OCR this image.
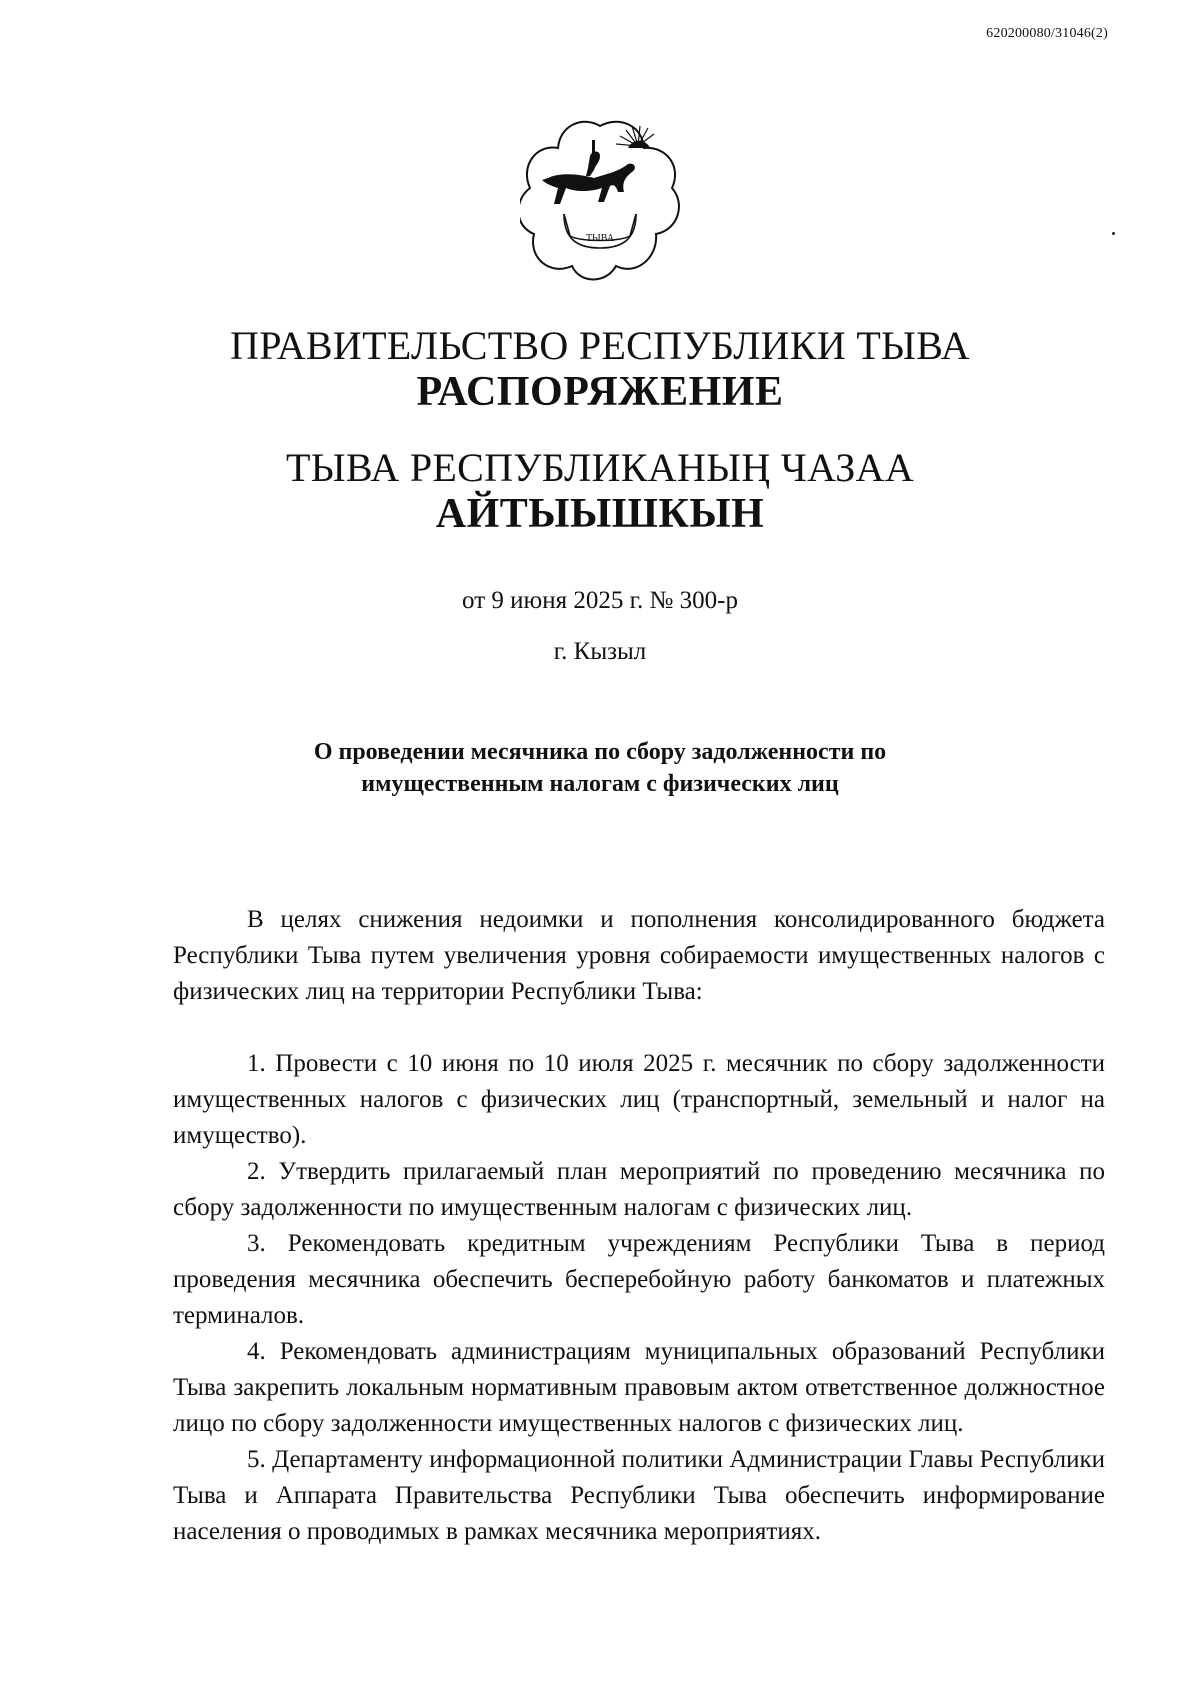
620200080/31046(2)
ТЫВА
ПРАВИТЕЛЬСТВО РЕСПУБЛИКИ ТЫВА
РАСПОРЯЖЕНИЕ
ТЫВА РЕСПУБЛИКАНЫҢ ЧАЗАА
АЙТЫЫШКЫН
от 9 июня 2025 г. № 300-р
г. Кызыл
О проведении месячника по сбору задолженности по имущественным налогам с физических лиц

В целях снижения недоимки и пополнения консолидированного бюджета Республики Тыва путем увеличения уровня собираемости имущественных налогов с физических лиц на территории Республики Тыва:

1. Провести с 10 июня по 10 июля 2025 г. месячник по сбору задолженности имущественных налогов с физических лиц (транспортный, земельный и налог на имущество).

2. Утвердить прилагаемый план мероприятий по проведению месячника по сбору задолженности по имущественным налогам с физических лиц.

3. Рекомендовать кредитным учреждениям Республики Тыва в период проведения месячника обеспечить бесперебойную работу банкоматов и платежных терминалов.

4. Рекомендовать администрациям муниципальных образований Республики Тыва закрепить локальным нормативным правовым актом ответственное должностное лицо по сбору задолженности имущественных налогов с физических лиц.

5. Департаменту информационной политики Администрации Главы Республики Тыва и Аппарата Правительства Республики Тыва обеспечить информирование населения о проводимых в рамках месячника мероприятиях.
